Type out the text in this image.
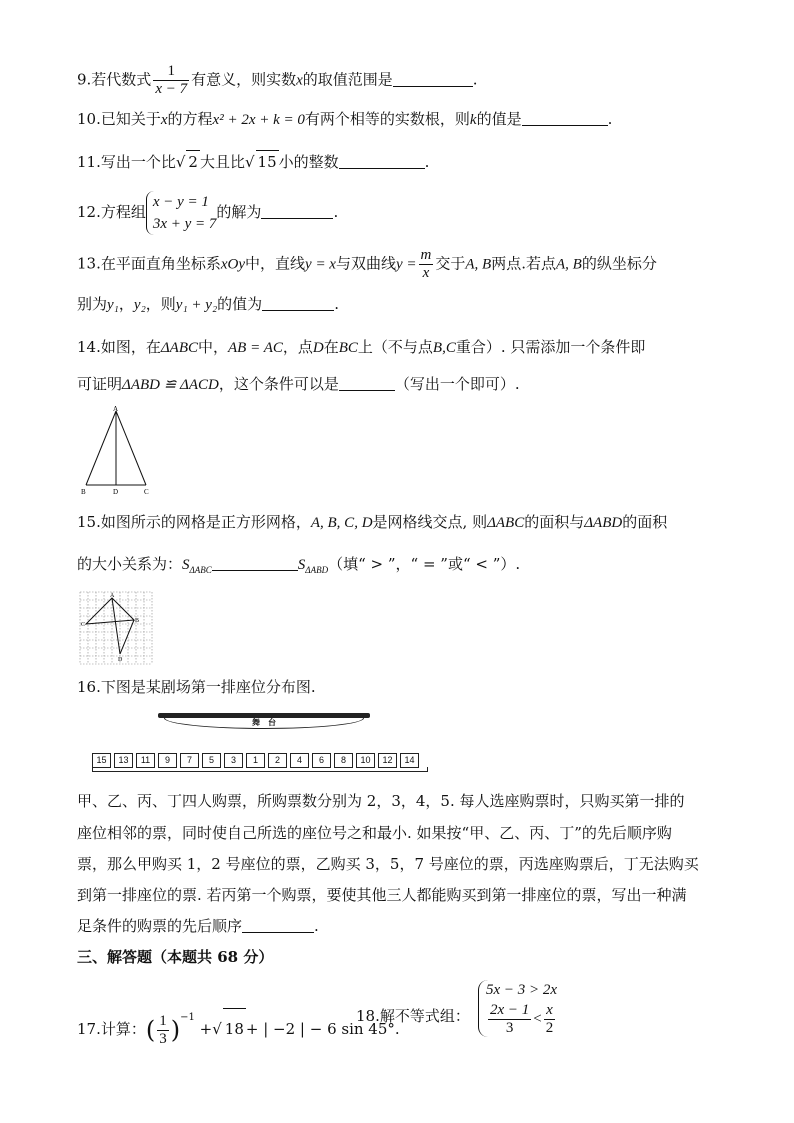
9.若代数式 $\frac{1}{x - 7}$ 有意义，则实数x的取值范围是	.
10.已知关于x的方程x² + 2x + k = 0有两个相等的实数根，则k的值是	.
11.写出一个比√ 2 大且比√ 15 小的整数	.
12.方程组x − y = 1
3x + y = 7的解为	.
13.在平面直角坐标系xOy中，直线y = x与双曲线$y = \frac{m}{x}$ 交于A, B两点.若点A, B的纵坐标分
别为y₁，y₂，则y₁ + y₂的值为	.
14.如图，在ΔABC中，AB = AC，点D在BC上（不与点B,C重合）. 只需添加一个条件即
可证明ΔABD ≌ ΔACD，这个条件可以是	（写出一个即可）.
A
B	D	C
15.如图所示的网格是正方形网格，A, B, C, D是网格线交点, 则ΔABC的面积与ΔABD的面积
的大小关系为：$S_{\Delta ABC}$	$S_{\Delta ABD}$（填“ > ”，“ = ”或“ < ”）.
A
C
B
D
16.下图是某剧场第一排座位分布图.
舞　台
15 13 11 9 7 5 3 1 2 4 6 8 10 12 14
甲、乙、丙、丁四人购票，所购票数分别为 2，3，4，5. 每人选座购票时，只购买第一排的
座位相邻的票，同时使自己所选的座位号之和最小. 如果按“甲、乙、丙、丁”的先后顺序购
票，那么甲购买 1，2 号座位的票，乙购买 3，5，7 号座位的票，丙选座购票后，丁无法购买
到第一排座位的票. 若丙第一个购票，要使其他三人都能购买到第一排座位的票，写出一种满
足条件的购票的先后顺序	.
三、解答题（本题共 68 分）
17.计算：( $\frac{1}{3} )^{-1}$ +√ 18 + | −2 | − 6 sin 45°.
18.解不等式组：
5x − 3 > 2x
$\frac{2x - 1}{3} < \frac{x}{2}$
